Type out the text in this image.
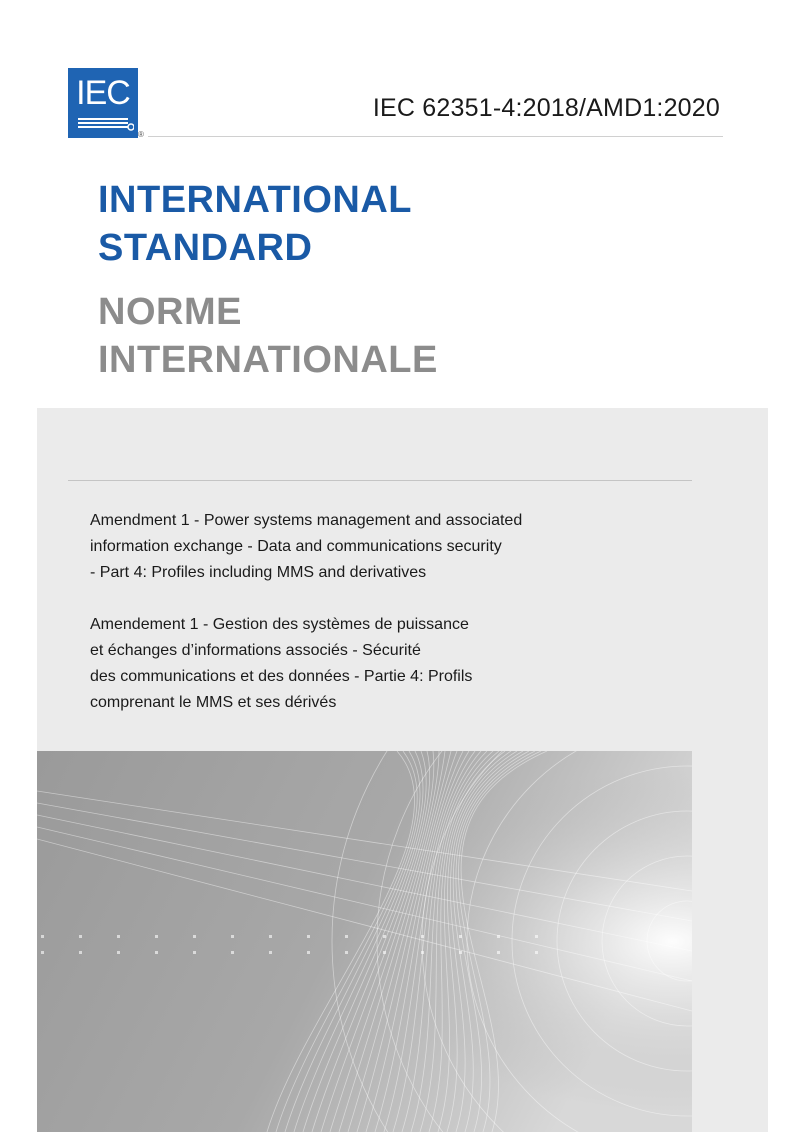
IEC
®
IEC 62351-4:2018/AMD1:2020
INTERNATIONAL
STANDARD
NORME
INTERNATIONALE
Amendment 1 - Power systems management and associated
information exchange - Data and communications security
- Part 4: Profiles including MMS and derivatives
Amendement 1 - Gestion des systèmes de puissance
et échanges d’informations associés - Sécurité
des communications et des données - Partie 4: Profils
comprenant le MMS et ses dérivés
